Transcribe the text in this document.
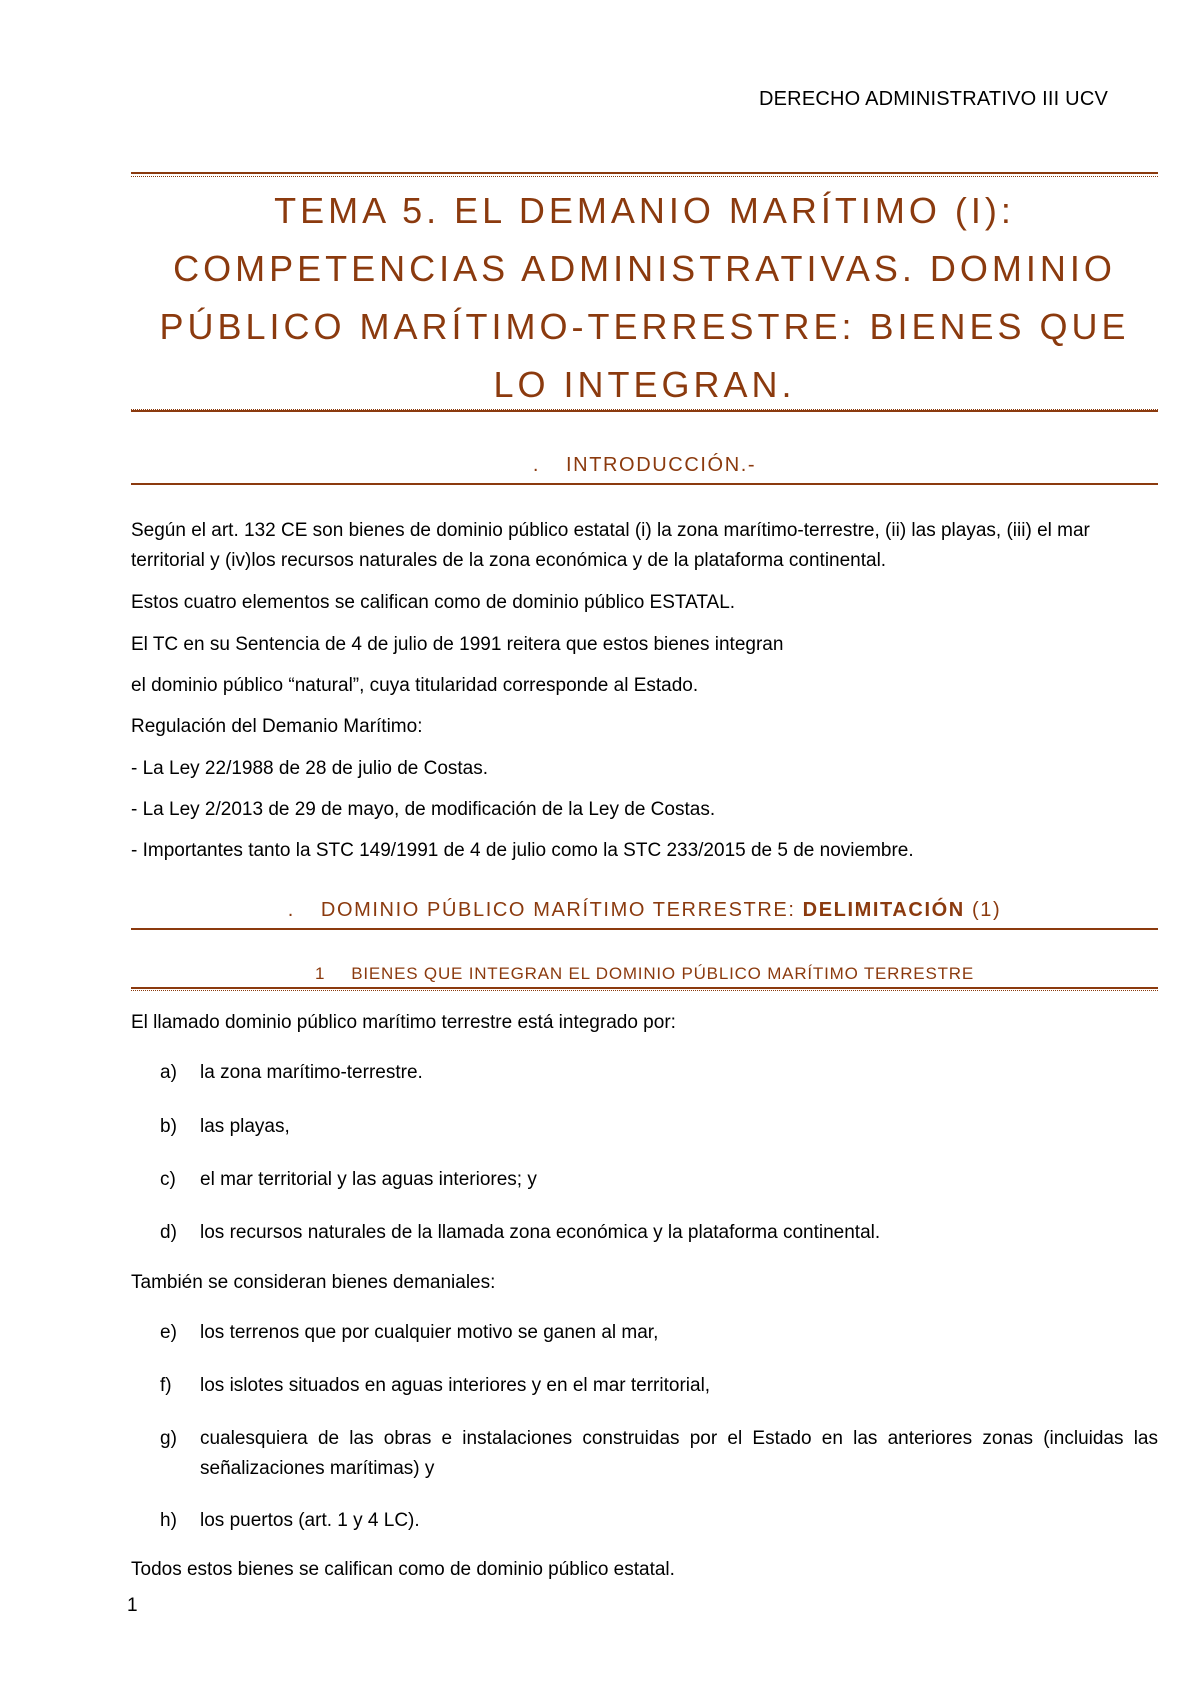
DERECHO ADMINISTRATIVO III UCV
TEMA 5. EL DEMANIO MARÍTIMO (I):
COMPETENCIAS ADMINISTRATIVAS. DOMINIO
PÚBLICO MARÍTIMO-TERRESTRE: BIENES QUE
LO INTEGRAN.
. INTRODUCCIÓN.-
Según el art. 132 CE son bienes de dominio público estatal (i) la zona marítimo-terrestre, (ii) las playas, (iii) el mar
territorial y (iv)los recursos naturales de la zona económica y de la plataforma continental.
Estos cuatro elementos se califican como de dominio público ESTATAL.
El TC en su Sentencia de 4 de julio de 1991 reitera que estos bienes integran
el dominio público “natural”, cuya titularidad corresponde al Estado.
Regulación del Demanio Marítimo:
- La Ley 22/1988 de 28 de julio de Costas.
- La Ley 2/2013 de 29 de mayo, de modificación de la Ley de Costas.
- Importantes tanto la STC 149/1991 de 4 de julio como la STC 233/2015 de 5 de noviembre.
. DOMINIO PÚBLICO MARÍTIMO TERRESTRE: DELIMITACIÓN (1)
1 BIENES QUE INTEGRAN EL DOMINIO PÚBLICO MARÍTIMO TERRESTRE
El llamado dominio público marítimo terrestre está integrado por:
a) la zona marítimo-terrestre.
b) las playas,
c) el mar territorial y las aguas interiores; y
d) los recursos naturales de la llamada zona económica y la plataforma continental.
También se consideran bienes demaniales:
e) los terrenos que por cualquier motivo se ganen al mar,
f) los islotes situados en aguas interiores y en el mar territorial,
g) cualesquiera de las obras e instalaciones construidas por el Estado en las anteriores zonas (incluidas las señalizaciones marítimas) y
h) los puertos (art. 1 y 4 LC).
Todos estos bienes se califican como de dominio público estatal.
1
